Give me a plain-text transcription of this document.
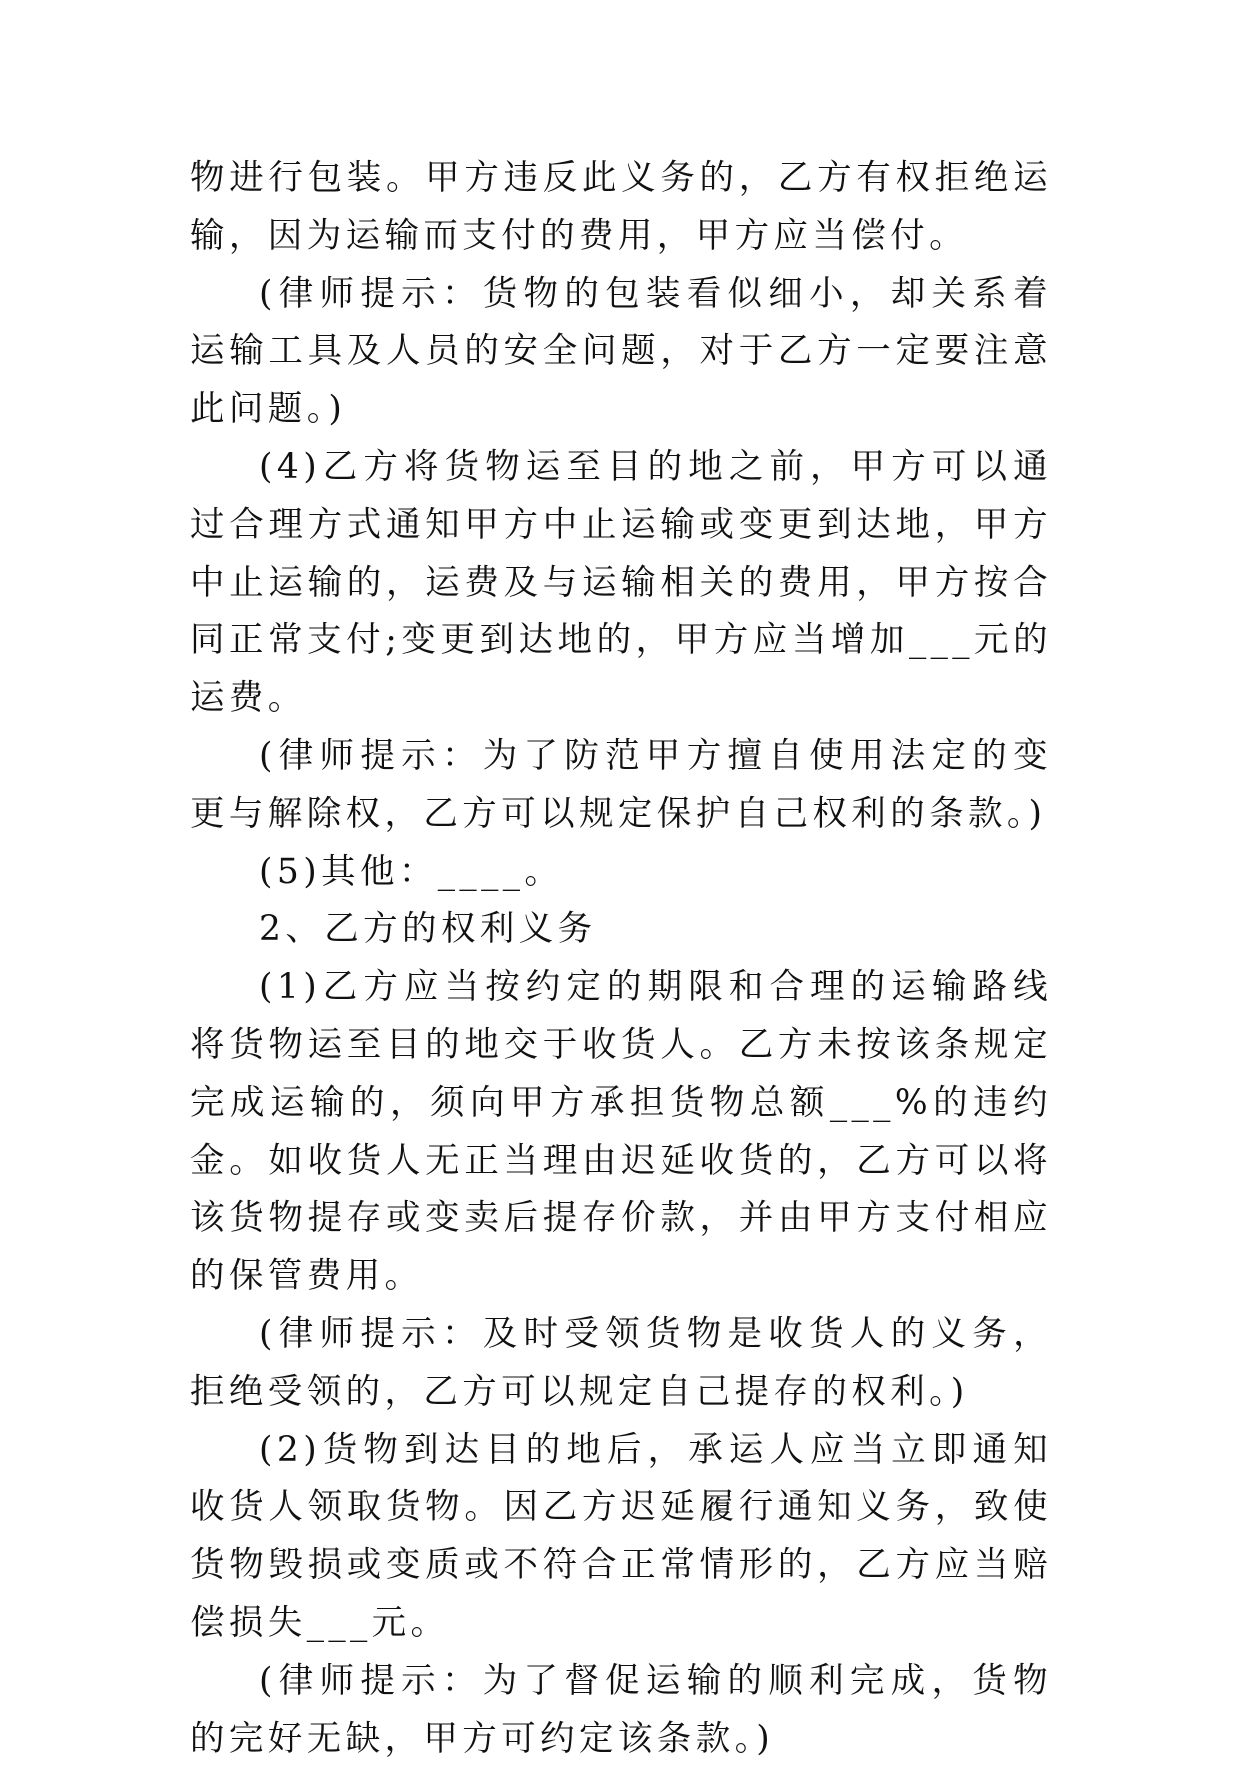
物进行包装。甲方违反此义务的，乙方有权拒绝运输，因为运输而支付的费用，甲方应当偿付。

(律师提示：货物的包装看似细小，却关系着运输工具及人员的安全问题，对于乙方一定要注意此问题。)

(4)乙方将货物运至目的地之前，甲方可以通过合理方式通知甲方中止运输或变更到达地，甲方中止运输的，运费及与运输相关的费用，甲方按合同正常支付;变更到达地的，甲方应当增加___元的运费。

(律师提示：为了防范甲方擅自使用法定的变更与解除权，乙方可以规定保护自己权利的条款。)

(5)其他：____。

2、乙方的权利义务

(1)乙方应当按约定的期限和合理的运输路线将货物运至目的地交于收货人。乙方未按该条规定完成运输的，须向甲方承担货物总额___%的违约金。如收货人无正当理由迟延收货的，乙方可以将该货物提存或变卖后提存价款，并由甲方支付相应的保管费用。

(律师提示：及时受领货物是收货人的义务，拒绝受领的，乙方可以规定自己提存的权利。)

(2)货物到达目的地后，承运人应当立即通知收货人领取货物。因乙方迟延履行通知义务，致使货物毁损或变质或不符合正常情形的，乙方应当赔偿损失___元。

(律师提示：为了督促运输的顺利完成，货物的完好无缺，甲方可约定该条款。)
